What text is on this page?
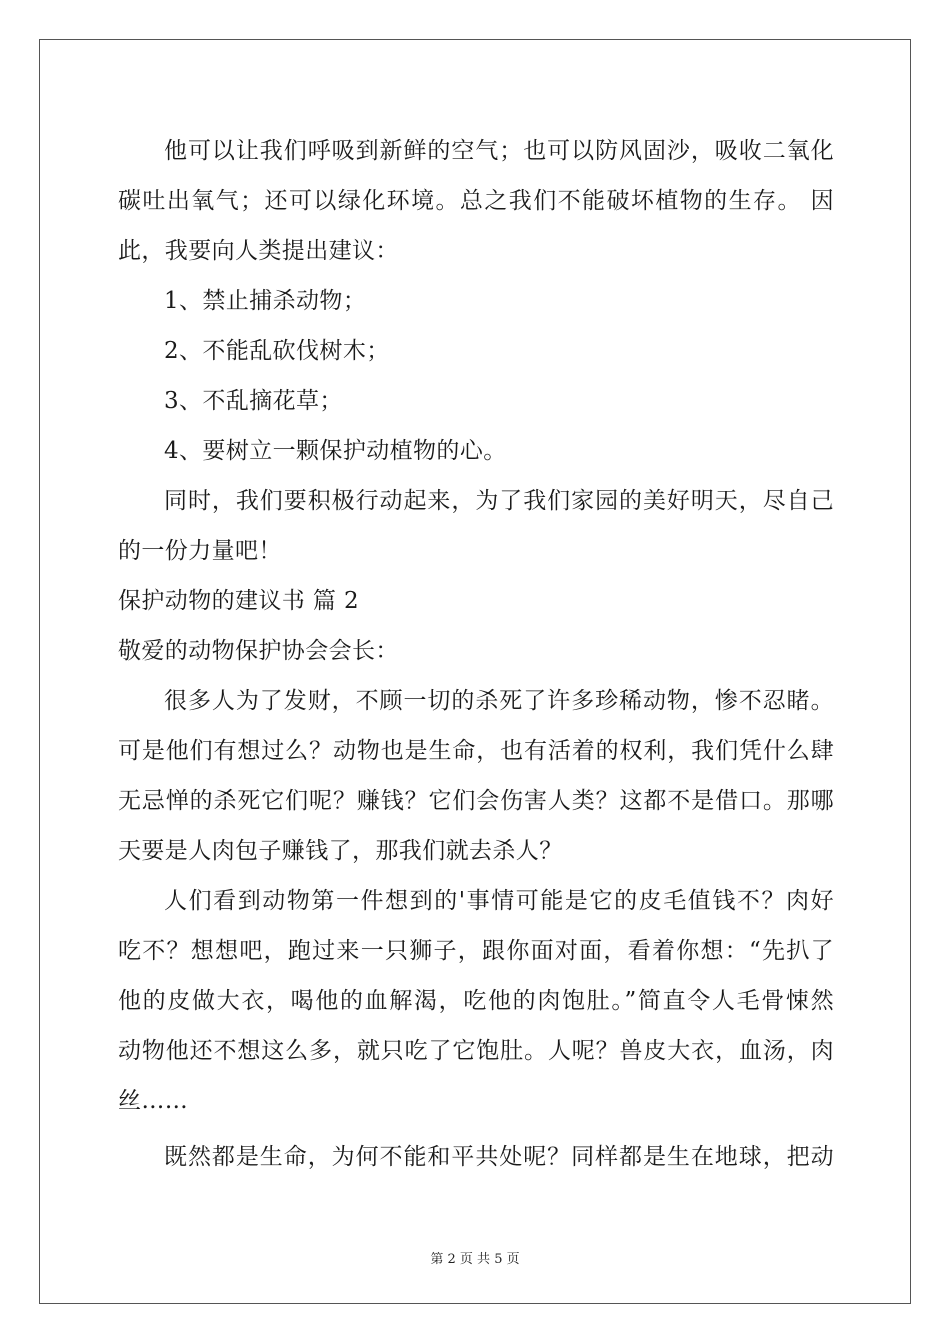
他可以让我们呼吸到新鲜的空气；也可以防风固沙，吸收二氧化
碳吐出氧气；还可以绿化环境。总之我们不能破坏植物的生存。 因
此，我要向人类提出建议：
1、禁止捕杀动物；
2、不能乱砍伐树木；
3、不乱摘花草；
4、要树立一颗保护动植物的心。
同时，我们要积极行动起来，为了我们家园的美好明天，尽自己
的一份力量吧！
保护动物的建议书 篇 2
敬爱的动物保护协会会长：
很多人为了发财，不顾一切的杀死了许多珍稀动物，惨不忍睹。
可是他们有想过么？动物也是生命，也有活着的权利，我们凭什么肆
无忌惮的杀死它们呢？赚钱？它们会伤害人类？这都不是借口。那哪
天要是人肉包子赚钱了，那我们就去杀人？
人们看到动物第一件想到的'事情可能是它的皮毛值钱不？肉好
吃不？想想吧，跑过来一只狮子，跟你面对面，看着你想：“先扒了
他的皮做大衣，喝他的血解渴，吃他的肉饱肚。”简直令人毛骨悚然
动物他还不想这么多，就只吃了它饱肚。人呢？兽皮大衣，血汤，肉
丝……
既然都是生命，为何不能和平共处呢？同样都是生在地球，把动
第 2 页 共 5 页
